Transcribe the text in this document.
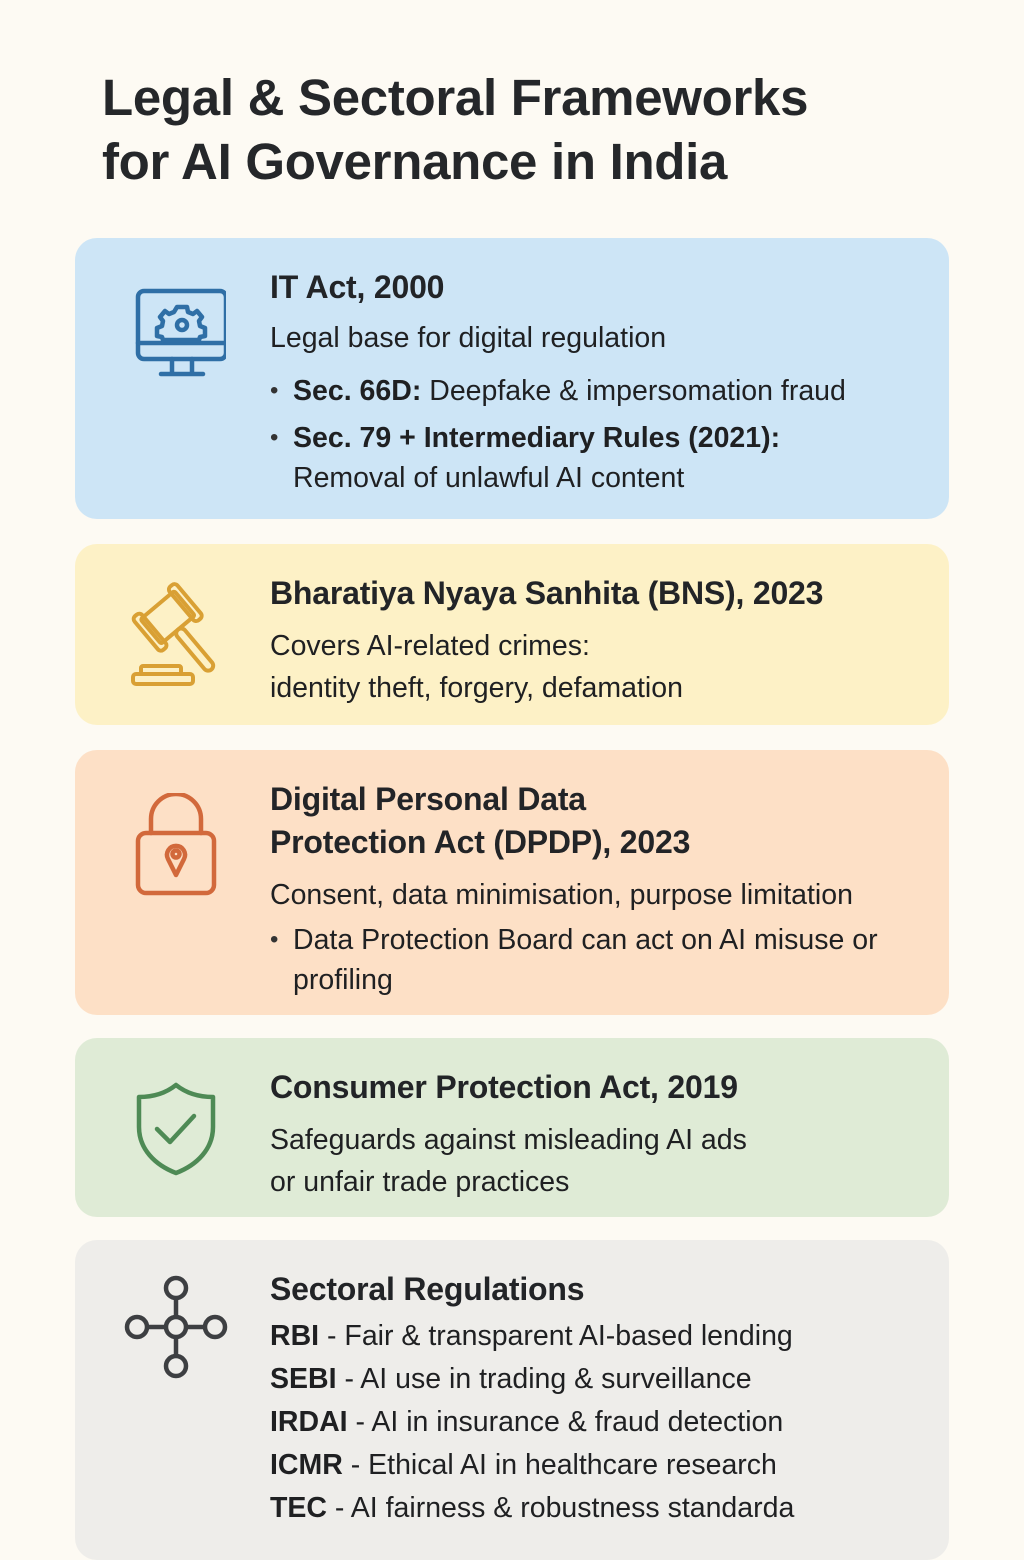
Legal & Sectoral Frameworks
for AI Governance in India
IT Act, 2000

Legal base for digital regulation

• Sec. 66D: Deepfake & impersomation fraud
• Sec. 79 + Intermediary Rules (2021):
Removal of unlawful AI content
Bharatiya Nyaya Sanhita (BNS), 2023

Covers AI-related crimes:

identity theft, forgery, defamation

Digital Personal Data
Protection Act (DPDP), 2023

Consent, data minimisation, purpose limitation

• Data Protection Board can act on AI misuse or profiling
Consumer Protection Act, 2019

Safeguards against misleading AI ads

or unfair trade practices

Sectoral Regulations
RBI - Fair & transparent AI-based lending
SEBI - AI use in trading & surveillance
IRDAI - AI in insurance & fraud detection
ICMR - Ethical AI in healthcare research
TEC - AI fairness & robustness standarda
